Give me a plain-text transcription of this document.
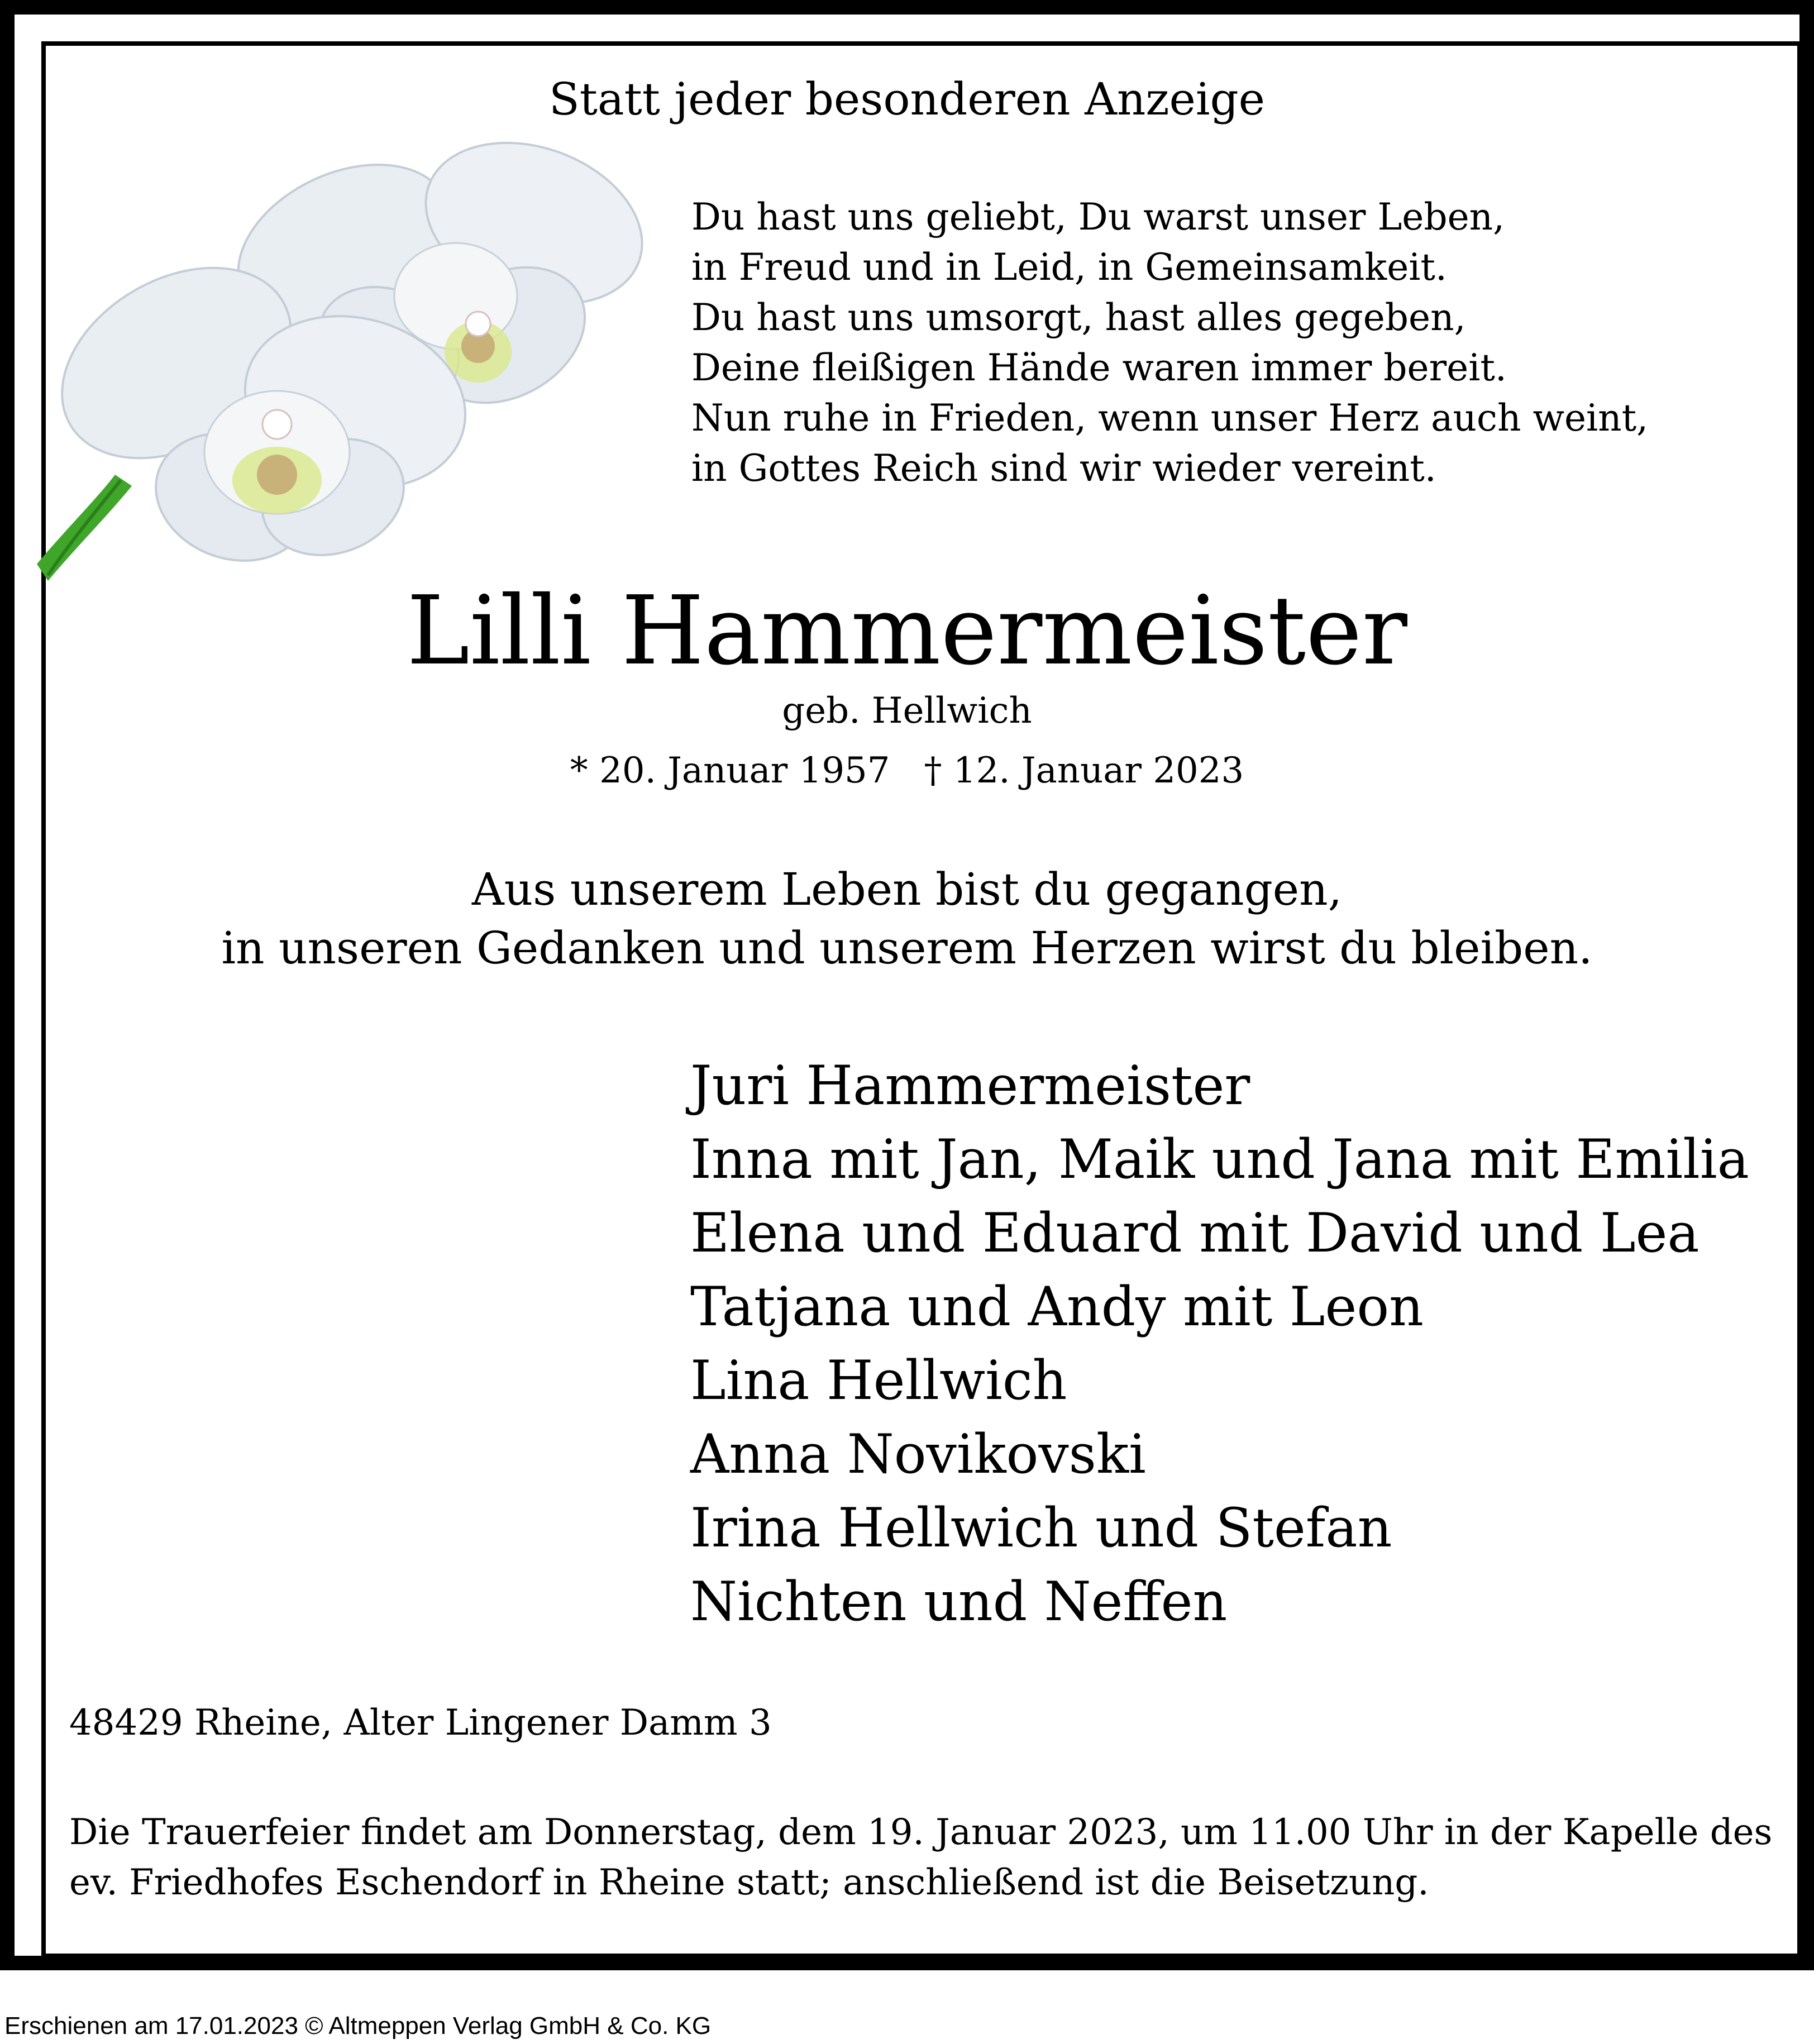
Statt jeder besonderen Anzeige
Du hast uns geliebt, Du warst unser Leben,
in Freud und in Leid, in Gemeinsamkeit.
Du hast uns umsorgt, hast alles gegeben,
Deine fleißigen Hände waren immer bereit.
Nun ruhe in Frieden, wenn unser Herz auch weint,
in Gottes Reich sind wir wieder vereint.
Lilli Hammermeister
geb. Hellwich
* 20. Januar 1957   † 12. Januar 2023
Aus unserem Leben bist du gegangen,
in unseren Gedanken und unserem Herzen wirst du bleiben.
Juri Hammermeister
Inna mit Jan, Maik und Jana mit Emilia
Elena und Eduard mit David und Lea
Tatjana und Andy mit Leon
Lina Hellwich
Anna Novikovski
Irina Hellwich und Stefan
Nichten und Neffen
48429 Rheine, Alter Lingener Damm 3
Die Trauerfeier findet am Donnerstag, dem 19. Januar 2023, um 11.00 Uhr in der Kapelle des
ev. Friedhofes Eschendorf in Rheine statt; anschließend ist die Beisetzung.
Erschienen am 17.01.2023 © Altmeppen Verlag GmbH & Co. KG
